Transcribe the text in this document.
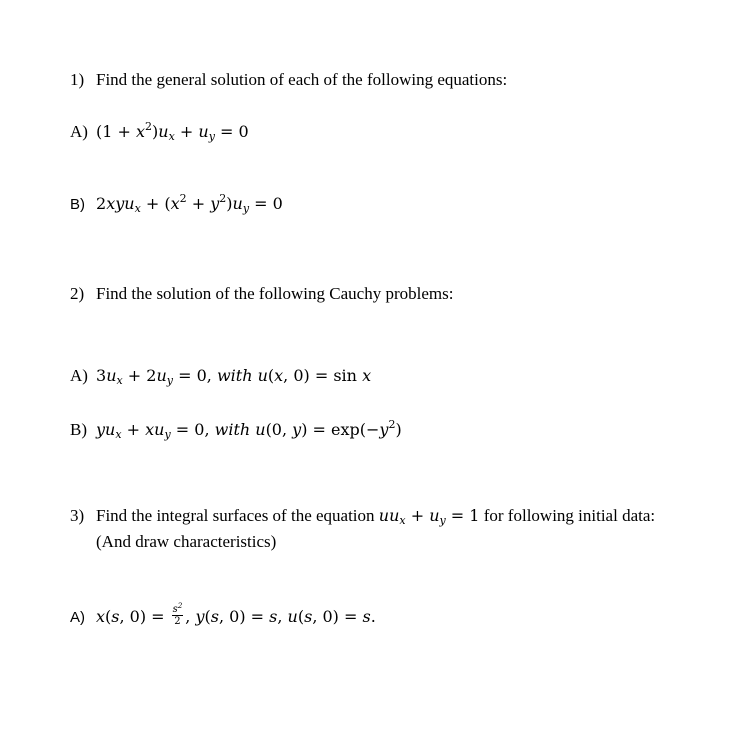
1) Find the general solution of each of the following equations:
A) $(1 + x^2)u_x + u_y = 0$
B) $2xyu_x + (x^2 + y^2)u_y = 0$
2) Find the solution of the following Cauchy problems:
A) $3u_x + 2u_y = 0$, with u(x, 0) = sin x
B) $yu_x + xu_y = 0$, with u(0, $y) = \exp(-y^2)$
3) Find the integral surfaces of the equation $uu_x + u_y = 1$ for following initial data:
(And draw characteristics)
A) x(s, $0) = \frac{s^2}{2}$ , y(s, 0) = s, u(s, 0) = s.
